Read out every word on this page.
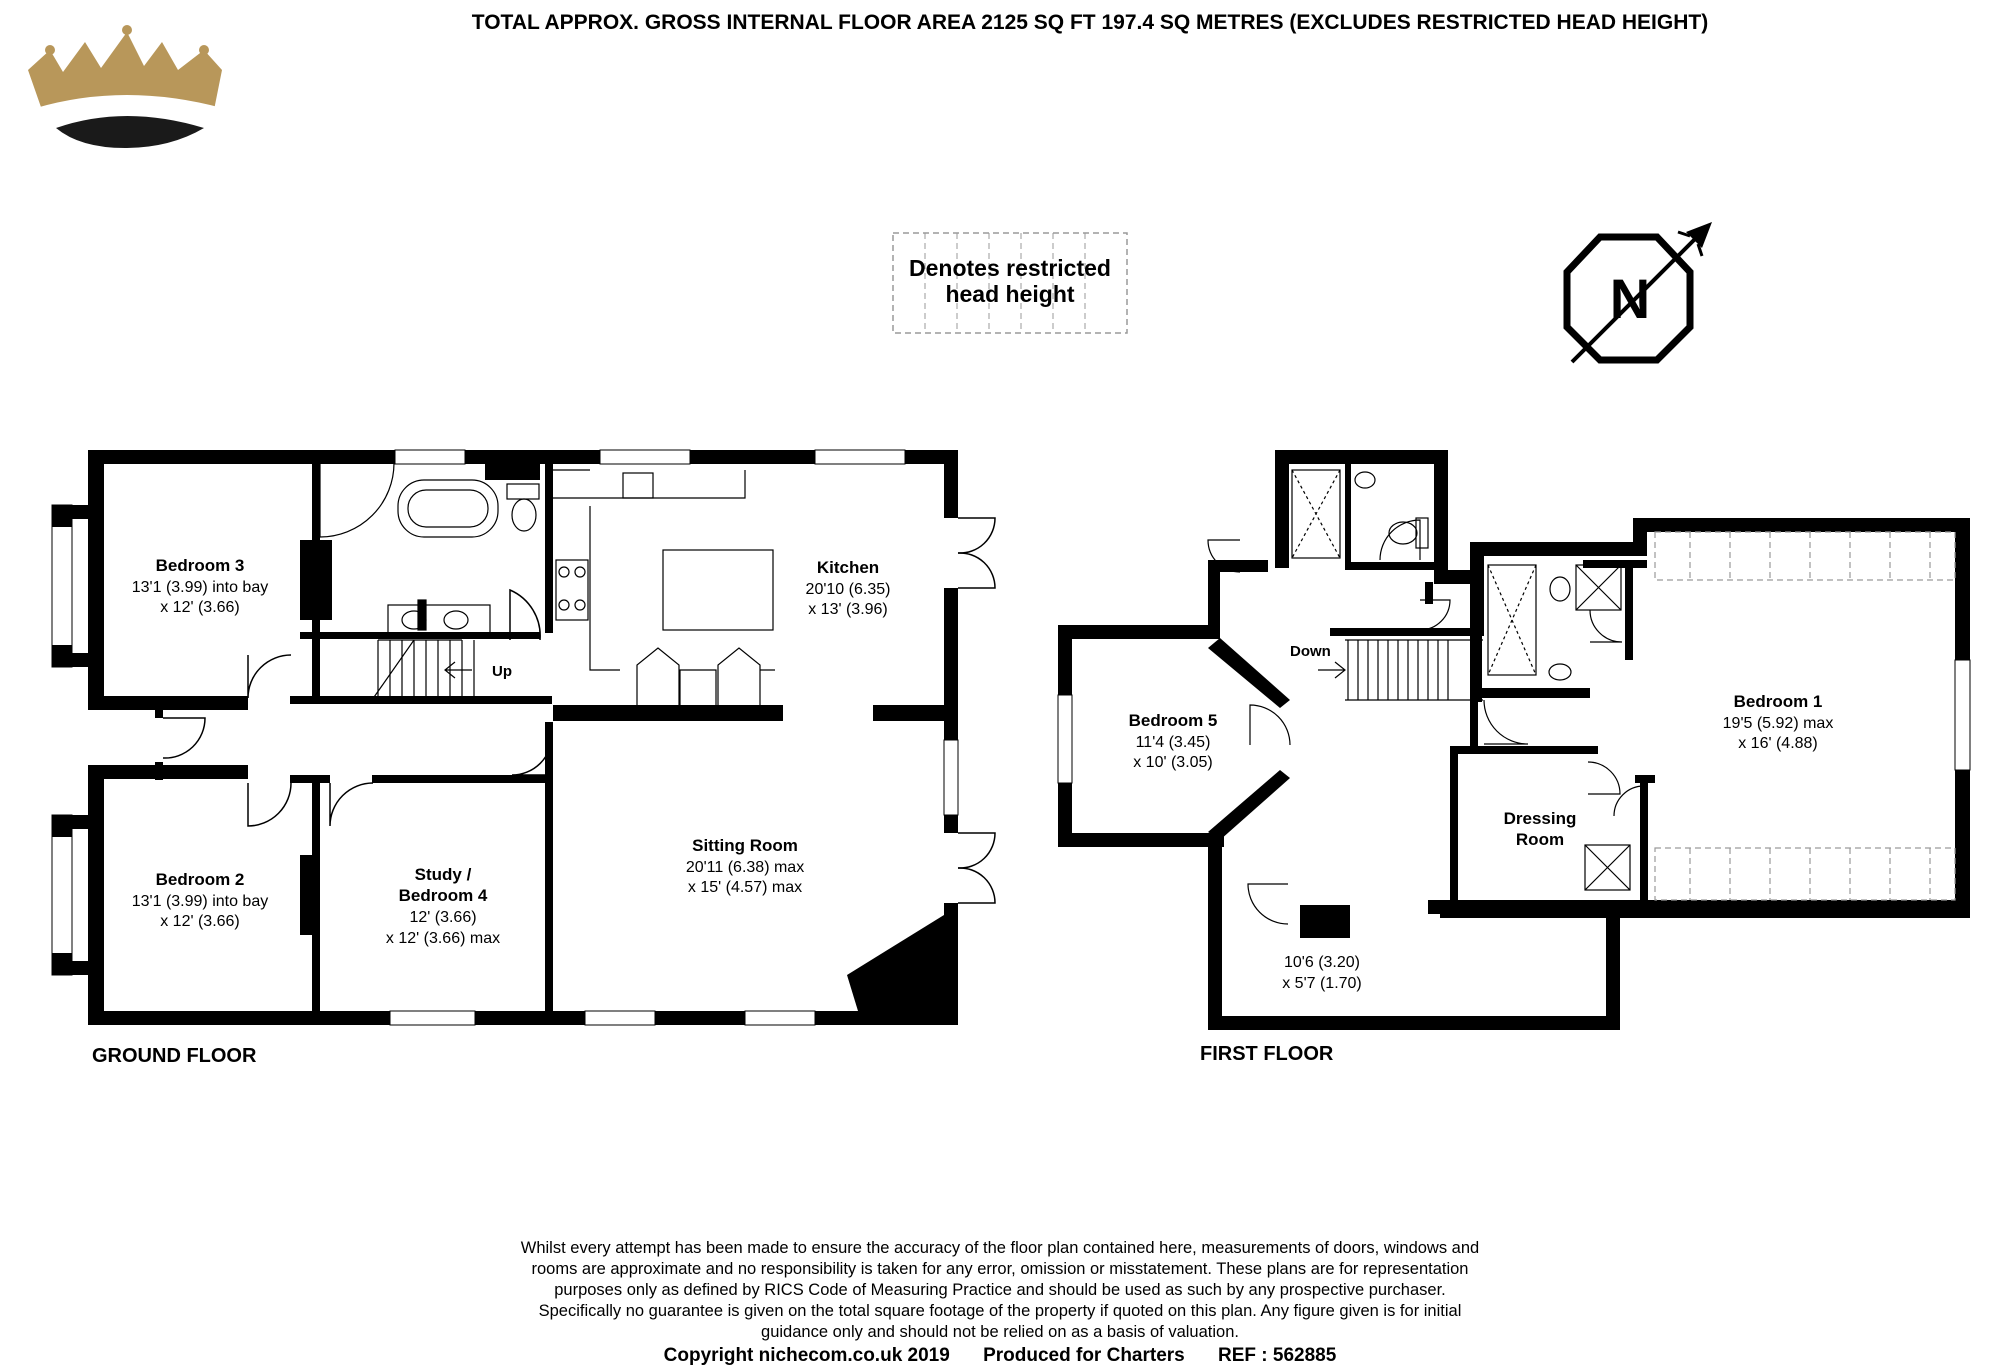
TOTAL APPROX. GROSS INTERNAL FLOOR AREA 2125 SQ FT 197.4 SQ METRES (EXCLUDES RESTRICTED HEAD HEIGHT)
Denotes restricted
head height	N
Up
Bedroom 3
13'1 (3.99) into bay
x 12' (3.66)
Kitchen
20'10 (6.35)
x 13' (3.96)
Bedroom 2
13'1 (3.99) into bay
x 12' (3.66)
Study /
Bedroom 4
12' (3.66)
x 12' (3.66) max
Sitting Room
20'11 (6.38) max
x 15' (4.57) max
GROUND FLOOR
Down
Bedroom 5
11'4 (3.45)
x 10' (3.05)
Bedroom 1
19'5 (5.92) max
x 16' (4.88)
Dressing
Room
10'6 (3.20)
x 5'7 (1.70)
FIRST FLOOR
Whilst every attempt has been made to ensure the accuracy of the floor plan contained here, measurements of doors, windows and
rooms are approximate and no responsibility is taken for any error, omission or misstatement. These plans are for representation
purposes only as defined by RICS Code of Measuring Practice and should be used as such by any prospective purchaser.
Specifically no guarantee is given on the total square footage of the property if quoted on this plan. Any figure given is for initial
guidance only and should not be relied on as a basis of valuation.
Copyright nichecom.co.uk 2019 Produced for Charters REF : 562885
